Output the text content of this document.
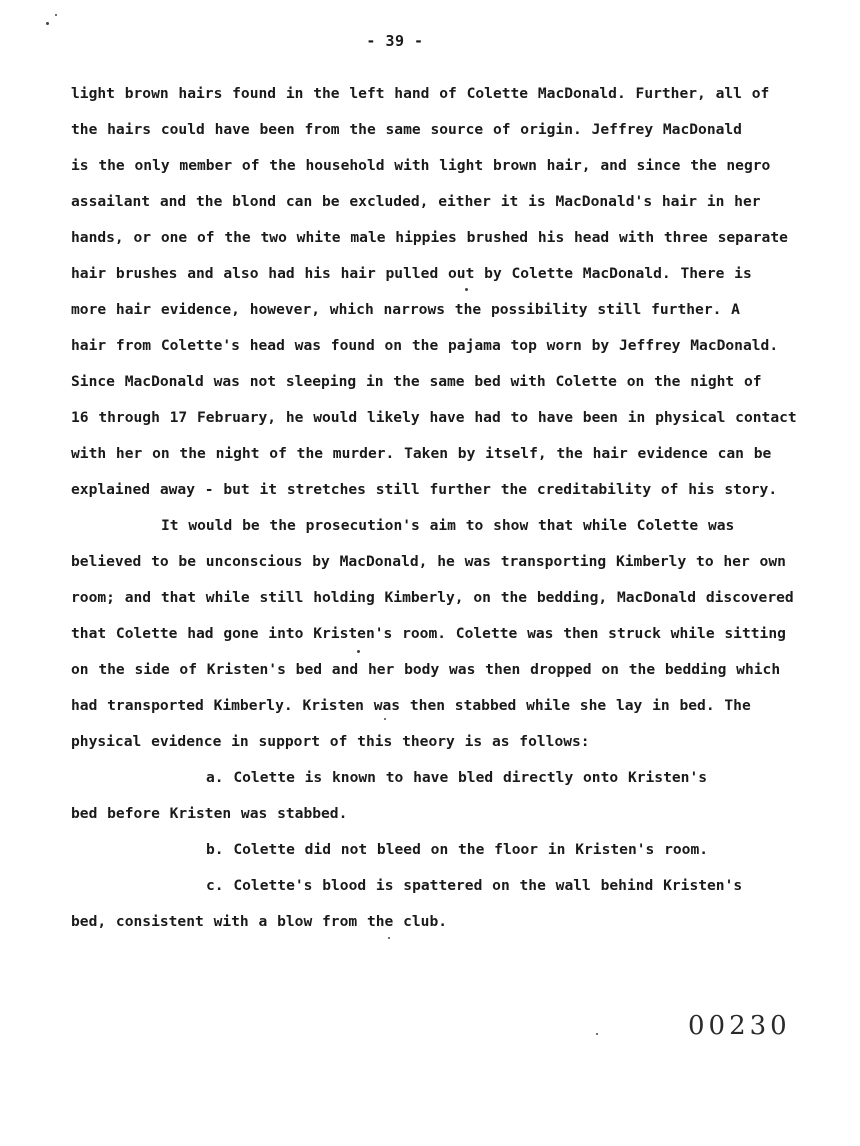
- 39 -
light brown hairs found in the left hand of Colette MacDonald. Further, all of
the hairs could have been from the same source of origin. Jeffrey MacDonald
is the only member of the household with light brown hair, and since the negro
assailant and the blond can be excluded, either it is MacDonald's hair in her
hands, or one of the two white male hippies brushed his head with three separate
hair brushes and also had his hair pulled out by Colette MacDonald. There is
more hair evidence, however, which narrows the possibility still further. A
hair from Colette's head was found on the pajama top worn by Jeffrey MacDonald.
Since MacDonald was not sleeping in the same bed with Colette on the night of
16 through 17 February, he would likely have had to have been in physical contact
with her on the night of the murder. Taken by itself, the hair evidence can be
explained away - but it stretches still further the creditability of his story.
It would be the prosecution's aim to show that while Colette was
believed to be unconscious by MacDonald, he was transporting Kimberly to her own
room; and that while still holding Kimberly, on the bedding, MacDonald discovered
that Colette had gone into Kristen's room. Colette was then struck while sitting
on the side of Kristen's bed and her body was then dropped on the bedding which
had transported Kimberly. Kristen was then stabbed while she lay in bed. The
physical evidence in support of this theory is as follows:
a. Colette is known to have bled directly onto Kristen's
bed before Kristen was stabbed.
b. Colette did not bleed on the floor in Kristen's room.
c. Colette's blood is spattered on the wall behind Kristen's
bed, consistent with a blow from the club.
00230
